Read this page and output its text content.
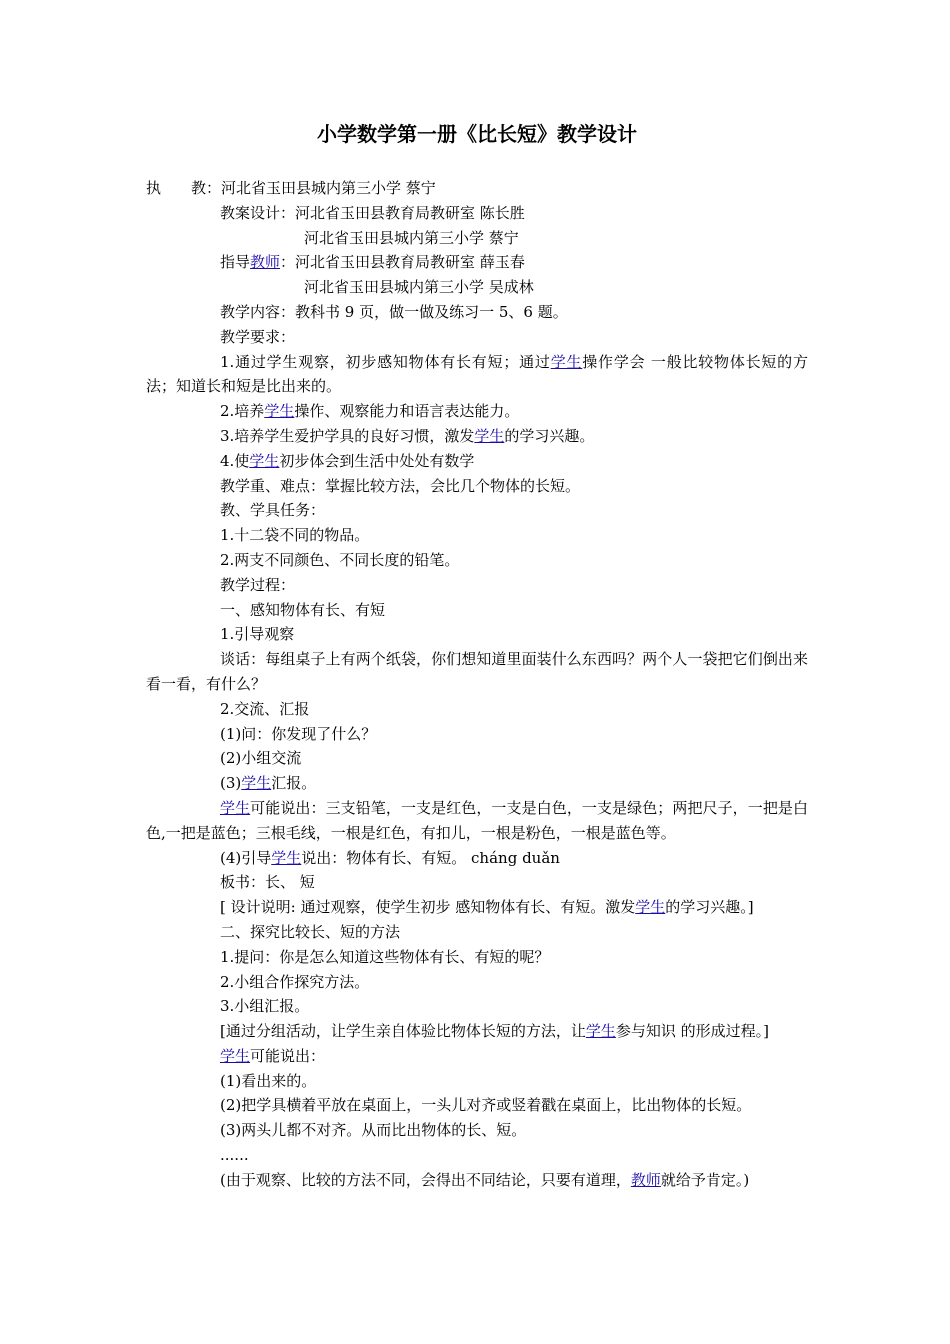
小学数学第一册《比长短》教学设计

执 教：河北省玉田县城内第三小学 蔡宁

教案设计：河北省玉田县教育局教研室 陈长胜

河北省玉田县城内第三小学 蔡宁

指导教师：河北省玉田县教育局教研室 薛玉春

河北省玉田县城内第三小学 吴成林

教学内容：教科书 9 页，做一做及练习一 5、6 题。

教学要求：

1.通过学生观察，初步感知物体有长有短；通过学生操作学会 一般比较物体长短的方法；知道长和短是比出来的。

2.培养学生操作、观察能力和语言表达能力。

3.培养学生爱护学具的良好习惯，激发学生的学习兴趣。

4.使学生初步体会到生活中处处有数学

教学重、难点：掌握比较方法，会比几个物体的长短。

教、学具任务：

1.十二袋不同的物品。

2.两支不同颜色、不同长度的铅笔。

教学过程：

一、感知物体有长、有短

1.引导观察

谈话：每组桌子上有两个纸袋，你们想知道里面装什么东西吗？两个人一袋把它们倒出来看一看，有什么？

2.交流、汇报

(1)问：你发现了什么？

(2)小组交流

(3)学生汇报。

学生可能说出：三支铅笔，一支是红色，一支是白色，一支是绿色；两把尺子，一把是白色,一把是蓝色；三根毛线，一根是红色，有扣儿，一根是粉色，一根是蓝色等。

(4)引导学生说出：物体有长、有短。 cháng duǎn

板书：长、 短

[ 设计说明: 通过观察，使学生初步 感知物体有长、有短。激发学生的学习兴趣。]

二、探究比较长、短的方法

1.提问：你是怎么知道这些物体有长、有短的呢？

2.小组合作探究方法。

3.小组汇报。

[通过分组活动，让学生亲自体验比物体长短的方法，让学生参与知识 的形成过程。]

学生可能说出：

(1)看出来的。

(2)把学具横着平放在桌面上，一头儿对齐或竖着戳在桌面上，比出物体的长短。

(3)两头儿都不对齐。从而比出物体的长、短。

......

(由于观察、比较的方法不同，会得出不同结论，只要有道理，教师就给予肯定。)
